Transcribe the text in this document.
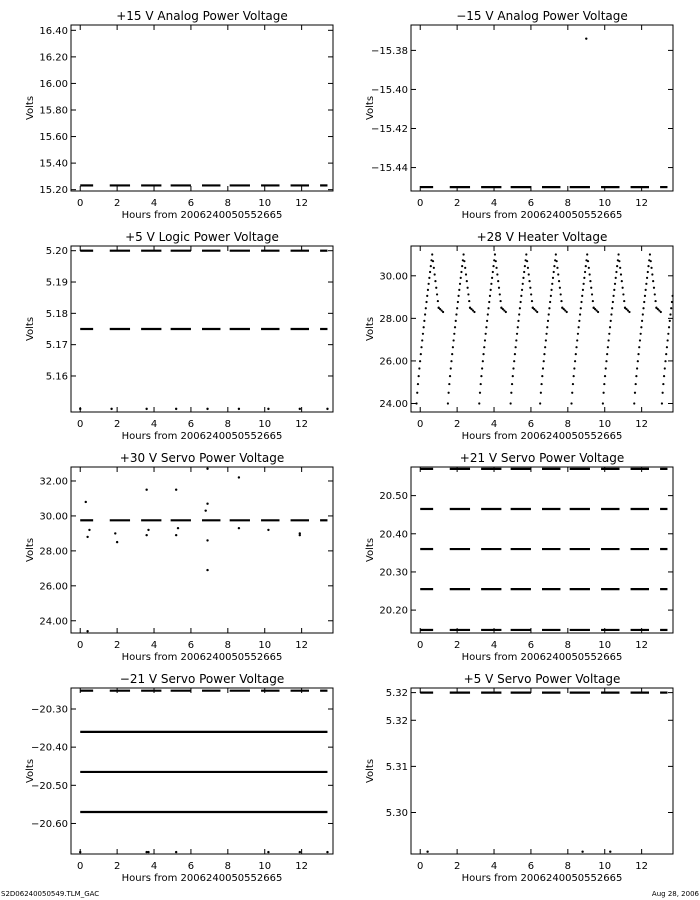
+15 V Analog Power Voltage
0	2	4	6	8	10 12
15.20
15.40
15.60
15.80
16.00
16.20
16.40
Hours from 2006240050552665
Volts
−15 V Analog Power Voltage
0	2	4	6	8	10 12
−15.44
−15.42
−15.40
−15.38
Hours from 2006240050552665
Volts
+5 V Logic Power Voltage
0	2	4	6	8	10 12
5.16
5.17
5.18
5.19
5.20
Hours from 2006240050552665
Volts
+28 V Heater Voltage
0	2	4	6	8	10 12
24.00
26.00
28.00
30.00
Hours from 2006240050552665
Volts
+30 V Servo Power Voltage
0	2	4	6	8	10 12
24.00
26.00
28.00
30.00
32.00
Hours from 2006240050552665
Volts
+21 V Servo Power Voltage
0	2	4	6	8	10 12
20.20
20.30
20.40
20.50
Hours from 2006240050552665
Volts
−21 V Servo Power Voltage
0	2	4	6	8	10 12
−20.60
−20.50
−20.40
−20.30
Hours from 2006240050552665
Volts
+5 V Servo Power Voltage
0	2	4	6	8	10 12
5.30
5.31
5.32
5.32
Hours from 2006240050552665
Volts
S2D06240050549.TLM_GAC	Aug 28, 2006
